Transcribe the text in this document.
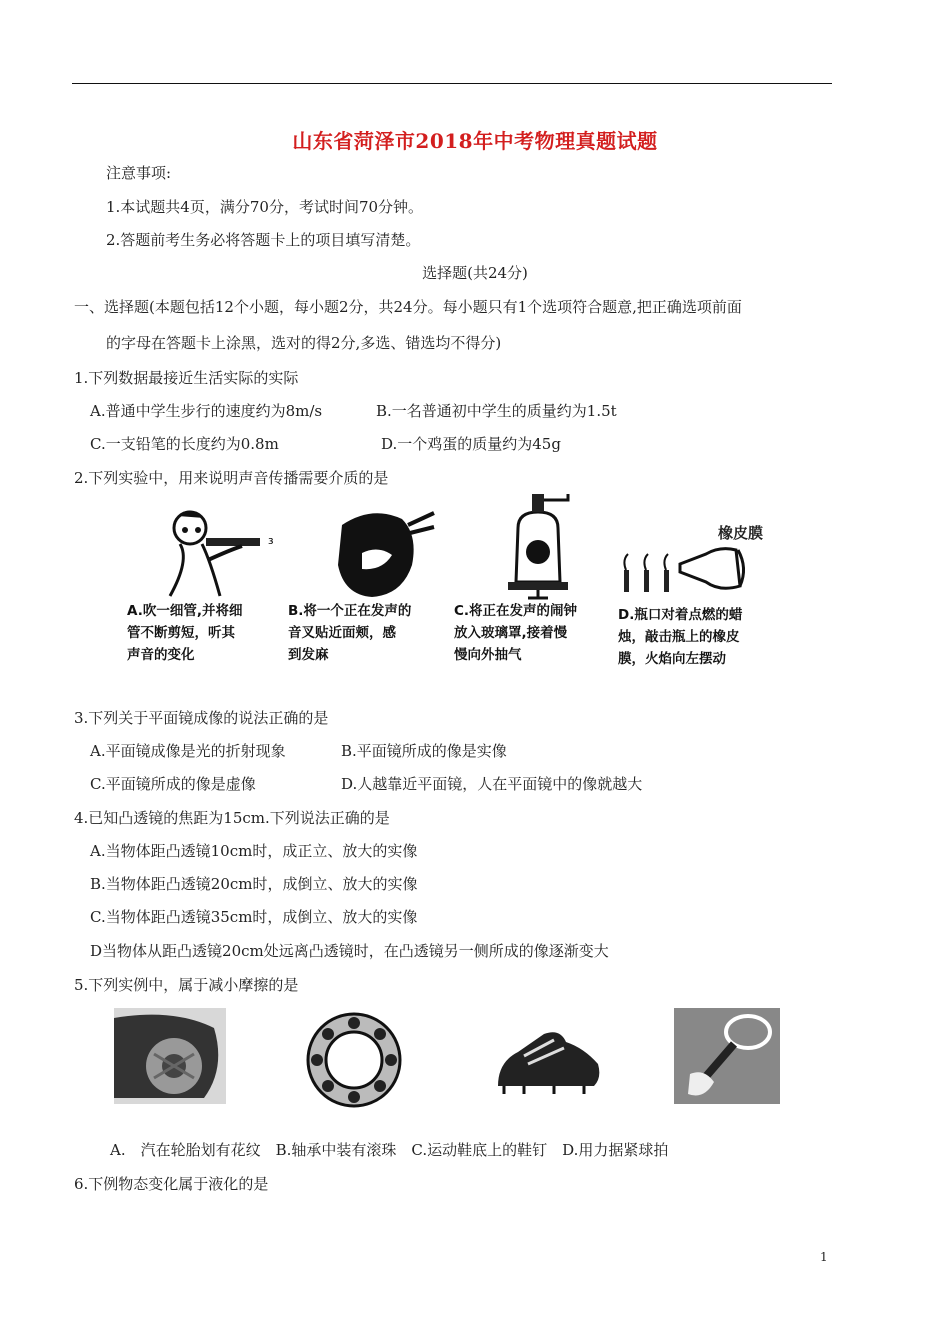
山东省菏泽市2018年中考物理真题试题
注意事项:
1.本试题共4页，满分70分，考试时间70分钟。
2.答题前考生务必将答题卡上的项目填写清楚。
选择题(共24分)
一、选择题(本题包括12个小题，每小题2分，共24分。每小题只有1个选项符合题意,把正确选项前面
的字母在答题卡上涂黑，选对的得2分,多选、错选均不得分)
1.下列数据最接近生活实际的实际
A.普通中学生步行的速度约为8m/s	B.一名普通初中学生的质量约为1.5t
C.一支铅笔的长度约为0.8m	D.一个鸡蛋的质量约为45g
2.下列实验中，用来说明声音传播需要介质的是
₃	橡皮膜
A.吹一细管,并将细
管不断剪短，听其
声音的变化
B.将一个正在发声的
音叉贴近面颊，感
到发麻
C.将正在发声的闹钟
放入玻璃罩,接着慢
慢向外抽气
D.瓶口对着点燃的蜡
烛，敲击瓶上的橡皮
膜，火焰向左摆动
3.下列关于平面镜成像的说法正确的是
A.平面镜成像是光的折射现象	B.平面镜所成的像是实像
C.平面镜所成的像是虚像	D.人越靠近平面镜，人在平面镜中的像就越大
4.已知凸透镜的焦距为15cm.下列说法正确的是
A.当物体距凸透镜10cm时，成正立、放大的实像
B.当物体距凸透镜20cm时，成倒立、放大的实像
C.当物体距凸透镜35cm时，成倒立、放大的实像
D当物体从距凸透镜20cm处远离凸透镜时，在凸透镜另一侧所成的像逐渐变大
5.下列实例中，属于减小摩擦的是
A.　汽在轮胎划有花纹　B.轴承中装有滚珠　C.运动鞋底上的鞋钉　D.用力据紧球拍
6.下例物态变化属于液化的是
1
